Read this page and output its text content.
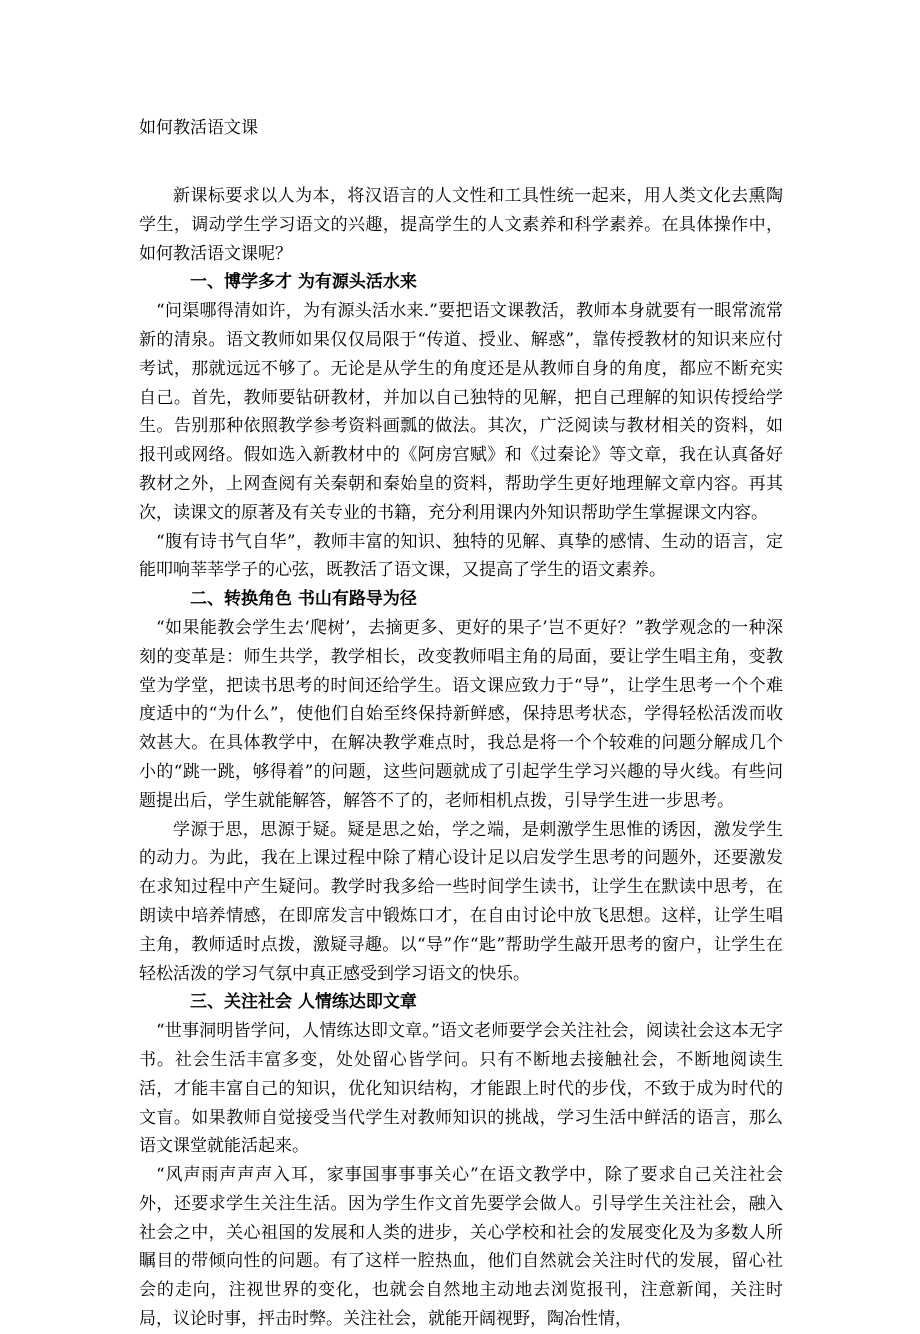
如何教活语文课

新课标要求以人为本，将汉语言的人文性和工具性统一起来，用人类文化去熏陶学生，调动学生学习语文的兴趣，提高学生的人文素养和科学素养。在具体操作中，如何教活语文课呢？

一、博学多才 为有源头活水来

“问渠哪得清如许，为有源头活水来.”要把语文课教活，教师本身就要有一眼常流常新的清泉。语文教师如果仅仅局限于“传道、授业、解惑”，靠传授教材的知识来应付考试，那就远远不够了。无论是从学生的角度还是从教师自身的角度，都应不断充实自己。首先，教师要钻研教材，并加以自己独特的见解，把自己理解的知识传授给学生。告别那种依照教学参考资料画瓢的做法。其次，广泛阅读与教材相关的资料，如报刊或网络。假如选入新教材中的《阿房宫赋》和《过秦论》等文章，我在认真备好教材之外，上网查阅有关秦朝和秦始皇的资料，帮助学生更好地理解文章内容。再其次，读课文的原著及有关专业的书籍，充分利用课内外知识帮助学生掌握课文内容。

“腹有诗书气自华”，教师丰富的知识、独特的见解、真挚的感情、生动的语言，定能叩响莘莘学子的心弦，既教活了语文课，又提高了学生的语文素养。

二、转换角色 书山有路导为径

“如果能教会学生去‘爬树’，去摘更多、更好的果子’岂不更好？”教学观念的一种深刻的变革是：师生共学，教学相长，改变教师唱主角的局面，要让学生唱主角，变教堂为学堂，把读书思考的时间还给学生。语文课应致力于“导”，让学生思考一个个难度适中的“为什么”，使他们自始至终保持新鲜感，保持思考状态，学得轻松活泼而收效甚大。在具体教学中，在解决教学难点时，我总是将一个个较难的问题分解成几个小的“跳一跳，够得着”的问题，这些问题就成了引起学生学习兴趣的导火线。有些问题提出后，学生就能解答，解答不了的，老师相机点拨，引导学生进一步思考。

学源于思，思源于疑。疑是思之始，学之端，是刺激学生思惟的诱因，激发学生的动力。为此，我在上课过程中除了精心设计足以启发学生思考的问题外，还要激发在求知过程中产生疑问。教学时我多给一些时间学生读书，让学生在默读中思考，在朗读中培养情感，在即席发言中锻炼口才，在自由讨论中放飞思想。这样，让学生唱主角，教师适时点拨，激疑寻趣。以“导”作“匙”帮助学生敲开思考的窗户，让学生在轻松活泼的学习气氛中真正感受到学习语文的快乐。

三、关注社会 人情练达即文章

“世事洞明皆学问，人情练达即文章。”语文老师要学会关注社会，阅读社会这本无字书。社会生活丰富多变，处处留心皆学问。只有不断地去接触社会，不断地阅读生活，才能丰富自己的知识，优化知识结构，才能跟上时代的步伐，不致于成为时代的文盲。如果教师自觉接受当代学生对教师知识的挑战，学习生活中鲜活的语言，那么语文课堂就能活起来。

“风声雨声声声入耳，家事国事事事关心”在语文教学中，除了要求自己关注社会外，还要求学生关注生活。因为学生作文首先要学会做人。引导学生关注社会，融入社会之中，关心祖国的发展和人类的进步，关心学校和社会的发展变化及为多数人所瞩目的带倾向性的问题。有了这样一腔热血，他们自然就会关注时代的发展，留心社会的走向，注视世界的变化，也就会自然地主动地去浏览报刊，注意新闻，关注时局，议论时事，抨击时弊。关注社会，就能开阔视野，陶冶性情，
